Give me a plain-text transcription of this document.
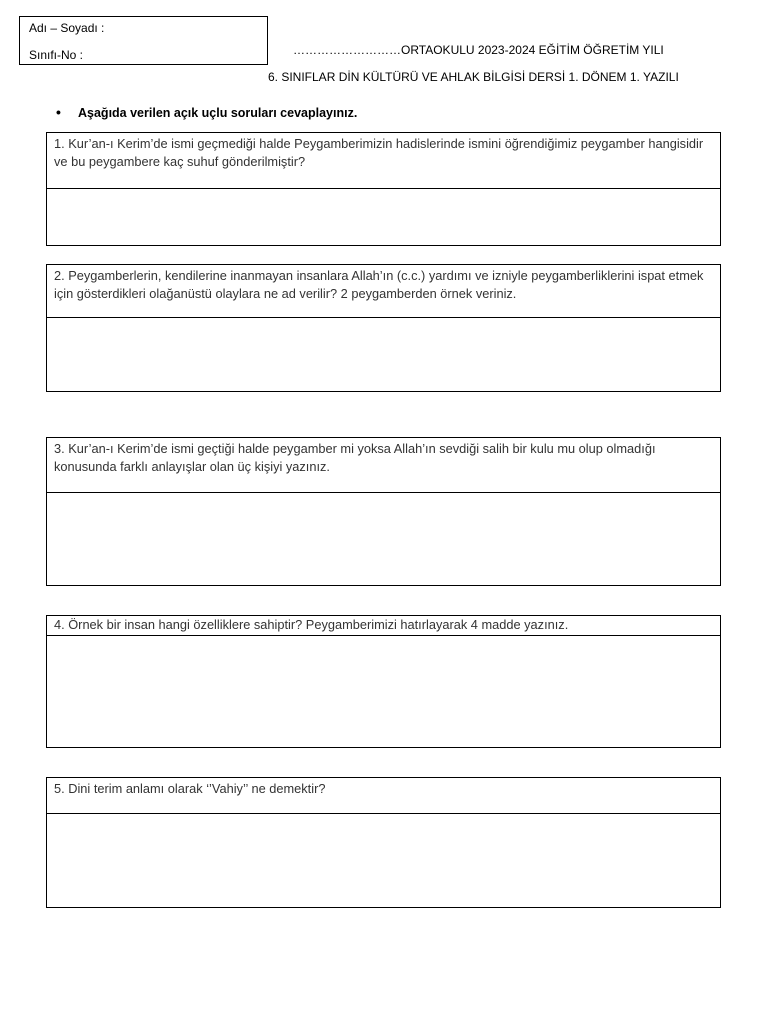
Adı – Soyadı :
Sınıfı-No :	………………………ORTAOKULU 2023-2024 EĞİTİM ÖĞRETİM YILI
6. SINIFLAR DİN KÜLTÜRÜ VE AHLAK BİLGİSİ DERSİ 1. DÖNEM 1. YAZILI
• Aşağıda verilen açık uçlu soruları cevaplayınız.
1. Kur’an-ı Kerim’de ismi geçmediği halde Peygamberimizin hadislerinde ismini öğrendiğimiz peygamber hangisidir ve bu peygambere kaç suhuf gönderilmiştir?
2. Peygamberlerin, kendilerine inanmayan insanlara Allah’ın (c.c.) yardımı ve izniyle peygamberliklerini ispat etmek için gösterdikleri olağanüstü olaylara ne ad verilir? 2 peygamberden örnek veriniz.
3. Kur’an-ı Kerim’de ismi geçtiği halde peygamber mi yoksa Allah’ın sevdiği salih bir kulu mu olup olmadığı konusunda farklı anlayışlar olan üç kişiyi yazınız.
4. Örnek bir insan hangi özelliklere sahiptir? Peygamberimizi hatırlayarak 4 madde yazınız.
5. Dini terim anlamı olarak ‘’Vahiy’’ ne demektir?
